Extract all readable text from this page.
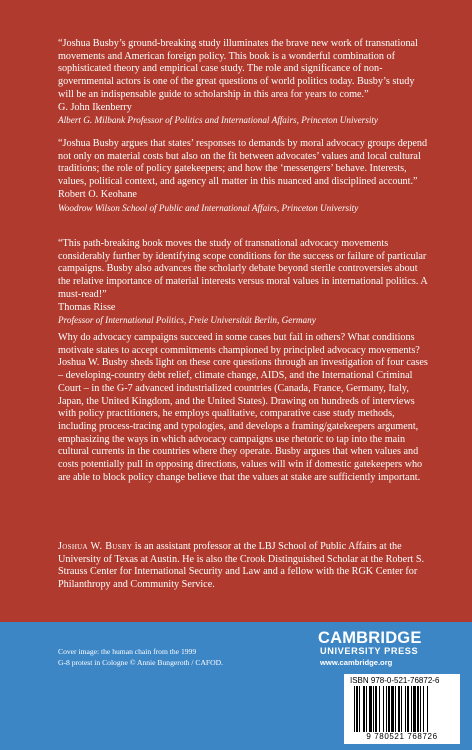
“Joshua Busby’s ground-breaking study illuminates the brave new work of transnational movements and American foreign policy. This book is a wonderful combination of sophisticated theory and empirical case study. The role and significance of non-governmental actors is one of the great questions of world politics today. Busby’s study will be an indispensable guide to scholarship in this area for years to come.”

G. John Ikenberry

Albert G. Milbank Professor of Politics and International Affairs, Princeton University

“Joshua Busby argues that states’ responses to demands by moral advocacy groups depend not only on material costs but also on the fit between advocates’ values and local cultural traditions; the role of policy gatekeepers; and how the ‘messengers’ behave. Interests, values, political context, and agency all matter in this nuanced and disciplined account.”

Robert O. Keohane

Woodrow Wilson School of Public and International Affairs, Princeton University

“This path-breaking book moves the study of transnational advocacy movements considerably further by identifying scope conditions for the success or failure of particular campaigns. Busby also advances the scholarly debate beyond sterile controversies about the relative importance of material interests versus moral values in international politics. A must-read!”

Thomas Risse

Professor of International Politics, Freie Universität Berlin, Germany

Why do advocacy campaigns succeed in some cases but fail in others? What conditions motivate states to accept commitments championed by principled advocacy movements? Joshua W. Busby sheds light on these core questions through an investigation of four cases – developing-country debt relief, climate change, AIDS, and the International Criminal Court – in the G-7 advanced industrialized countries (Canada, France, Germany, Italy, Japan, the United Kingdom, and the United States). Drawing on hundreds of interviews with policy practitioners, he employs qualitative, comparative case study methods, including process-tracing and typologies, and develops a framing/gatekeepers argument, emphasizing the ways in which advocacy campaigns use rhetoric to tap into the main cultural currents in the countries where they operate. Busby argues that when values and costs potentially pull in opposing directions, values will win if domestic gatekeepers who are able to block policy change believe that the values at stake are sufficiently important.

Joshua W. Busby is an assistant professor at the LBJ School of Public Affairs at the University of Texas at Austin. He is also the Crook Distinguished Scholar at the Robert S. Strauss Center for International Security and Law and a fellow with the RGK Center for Philanthropy and Community Service.

Cover image: the human chain from the 1999
G-8 protest in Cologne © Annie Bungeroth / CAFOD.
CAMBRIDGE
UNIVERSITY PRESS
www.cambridge.org
ISBN 978-0-521-76872-6
9 780521 768726
